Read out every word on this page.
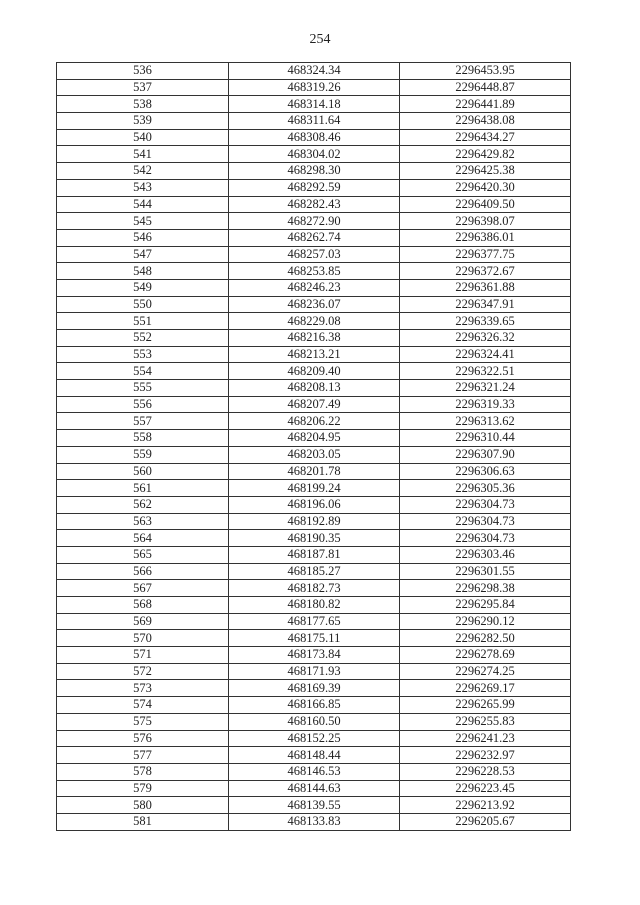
254
536	468324.34	2296453.95
537	468319.26	2296448.87
538	468314.18	2296441.89
539	468311.64	2296438.08
540	468308.46	2296434.27
541	468304.02	2296429.82
542	468298.30	2296425.38
543	468292.59	2296420.30
544	468282.43	2296409.50
545	468272.90	2296398.07
546	468262.74	2296386.01
547	468257.03	2296377.75
548	468253.85	2296372.67
549	468246.23	2296361.88
550	468236.07	2296347.91
551	468229.08	2296339.65
552	468216.38	2296326.32
553	468213.21	2296324.41
554	468209.40	2296322.51
555	468208.13	2296321.24
556	468207.49	2296319.33
557	468206.22	2296313.62
558	468204.95	2296310.44
559	468203.05	2296307.90
560	468201.78	2296306.63
561	468199.24	2296305.36
562	468196.06	2296304.73
563	468192.89	2296304.73
564	468190.35	2296304.73
565	468187.81	2296303.46
566	468185.27	2296301.55
567	468182.73	2296298.38
568	468180.82	2296295.84
569	468177.65	2296290.12
570	468175.11	2296282.50
571	468173.84	2296278.69
572	468171.93	2296274.25
573	468169.39	2296269.17
574	468166.85	2296265.99
575	468160.50	2296255.83
576	468152.25	2296241.23
577	468148.44	2296232.97
578	468146.53	2296228.53
579	468144.63	2296223.45
580	468139.55	2296213.92
581	468133.83	2296205.67
